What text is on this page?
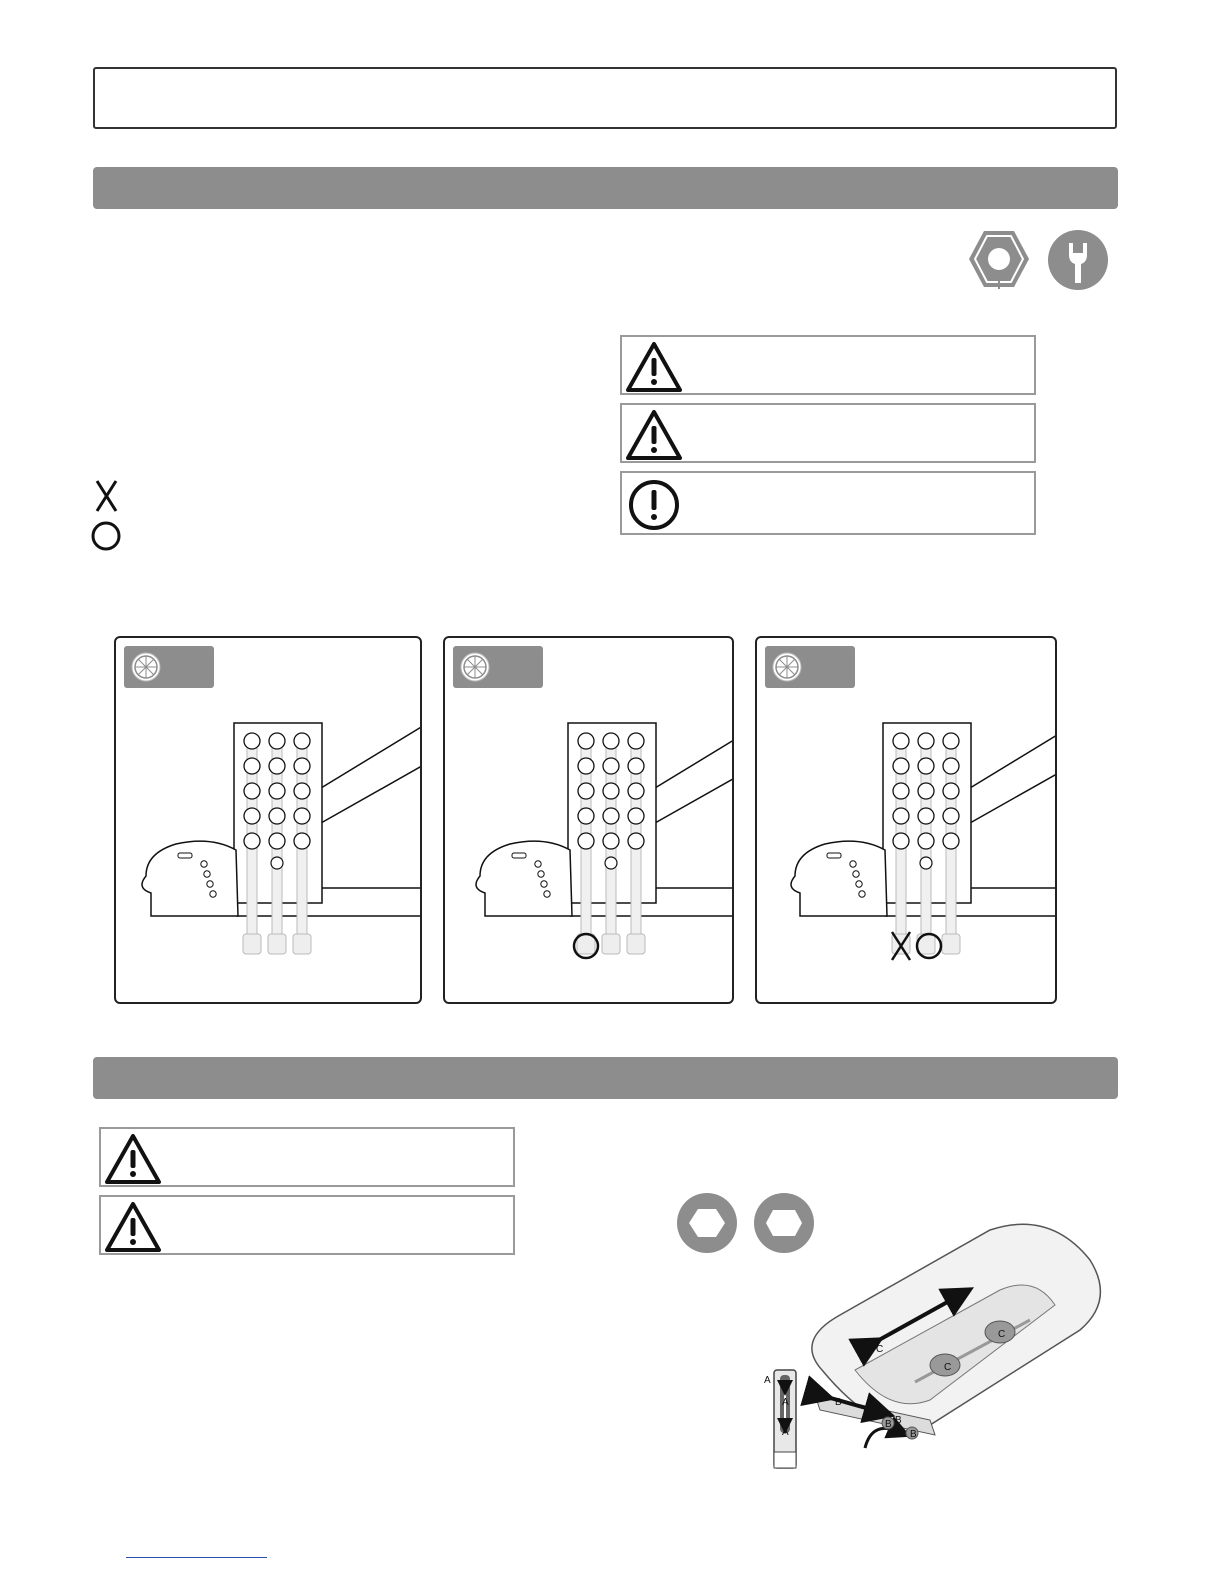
A
A
A
B
B
B
B
C
C
C
C
